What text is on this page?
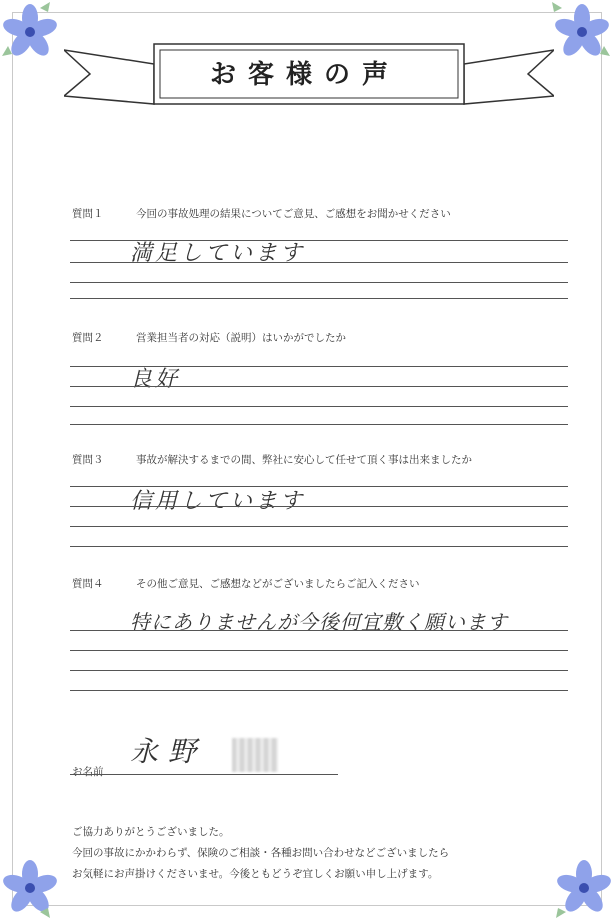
お客様の声
質問１	今回の事故処理の結果についてご意見、ご感想をお聞かせください
満足しています
質問２	営業担当者の対応（説明）はいかがでしたか
良好
質問３	事故が解決するまでの間、弊社に安心して任せて頂く事は出来ましたか
信用しています
質問４	その他ご意見、ご感想などがございましたらご記入ください
特にありませんが今後何宜敷く願います
お名前
永野
ご協力ありがとうございました。
今回の事故にかかわらず、保険のご相談・各種お問い合わせなどございましたら
お気軽にお声掛けくださいませ。今後ともどうぞ宜しくお願い申し上げます。
